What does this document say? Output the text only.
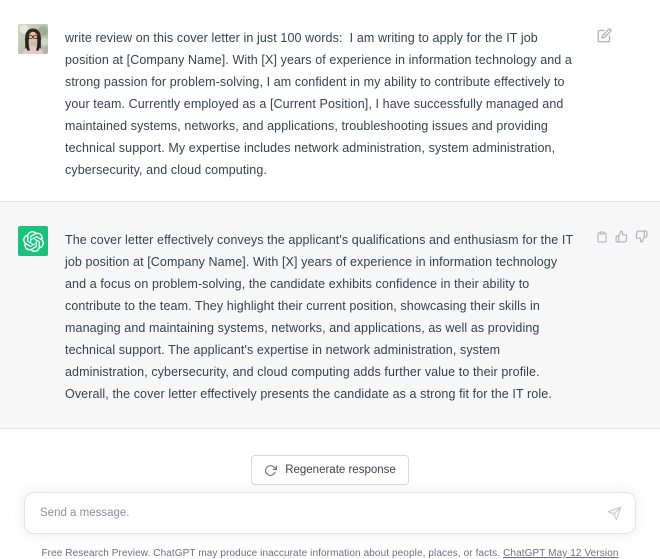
write review on this cover letter in just 100 words:  I am writing to apply for the IT job position at [Company Name]. With [X] years of experience in information technology and a strong passion for problem-solving, I am confident in my ability to contribute effectively to your team. Currently employed as a [Current Position], I have successfully managed and maintained systems, networks, and applications, troubleshooting issues and providing technical support. My expertise includes network administration, system administration, cybersecurity, and cloud computing.
The cover letter effectively conveys the applicant's qualifications and enthusiasm for the IT job position at [Company Name]. With [X] years of experience in information technology and a focus on problem-solving, the candidate exhibits confidence in their ability to contribute to the team. They highlight their current position, showcasing their skills in managing and maintaining systems, networks, and applications, as well as providing technical support. The applicant's expertise in network administration, system administration, cybersecurity, and cloud computing adds further value to their profile. Overall, the cover letter effectively presents the candidate as a strong fit for the IT role.
Regenerate response
Send a message.
Free Research Preview. ChatGPT may produce inaccurate information about people, places, or facts. ChatGPT May 12 Version
